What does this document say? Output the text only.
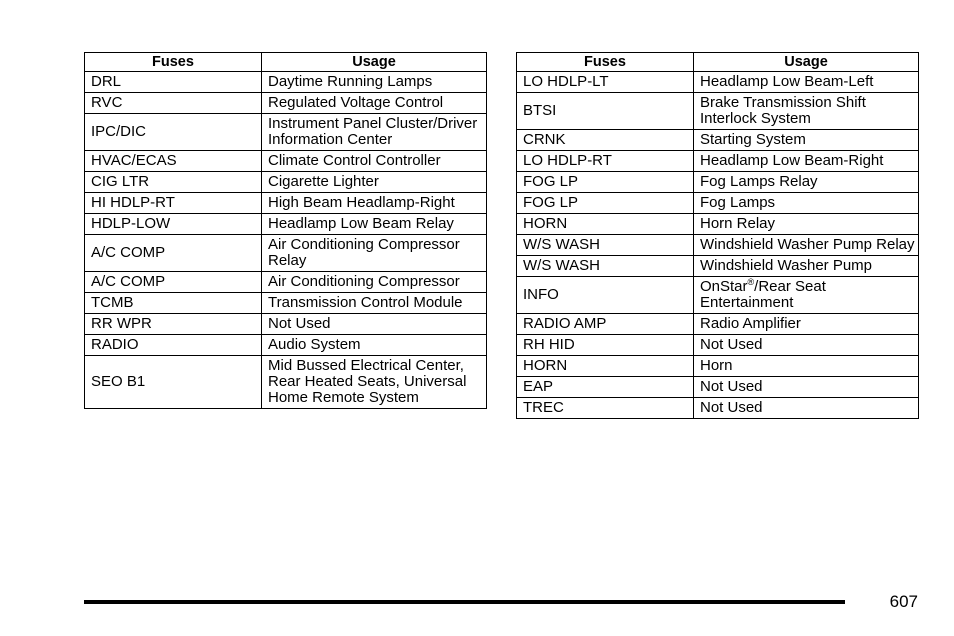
Fuses	Usage
DRL	Daytime Running Lamps
RVC	Regulated Voltage Control
IPC/DIC	Instrument Panel Cluster/Driver Information Center
HVAC/ECAS	Climate Control Controller
CIG LTR	Cigarette Lighter
HI HDLP-RT	High Beam Headlamp-Right
HDLP-LOW	Headlamp Low Beam Relay
A/C COMP	Air Conditioning Compressor Relay
A/C COMP	Air Conditioning Compressor
TCMB	Transmission Control Module
RR WPR	Not Used
RADIO	Audio System
SEO B1	Mid Bussed Electrical Center, Rear Heated Seats, Universal Home Remote System
Fuses	Usage
LO HDLP-LT	Headlamp Low Beam-Left
BTSI	Brake Transmission Shift Interlock System
CRNK	Starting System
LO HDLP-RT	Headlamp Low Beam-Right
FOG LP	Fog Lamps Relay
FOG LP	Fog Lamps
HORN	Horn Relay
W/S WASH	Windshield Washer Pump Relay
W/S WASH	Windshield Washer Pump
INFO	OnStar®/Rear Seat Entertainment
RADIO AMP	Radio Amplifier
RH HID	Not Used
HORN	Horn
EAP	Not Used
TREC	Not Used
607
